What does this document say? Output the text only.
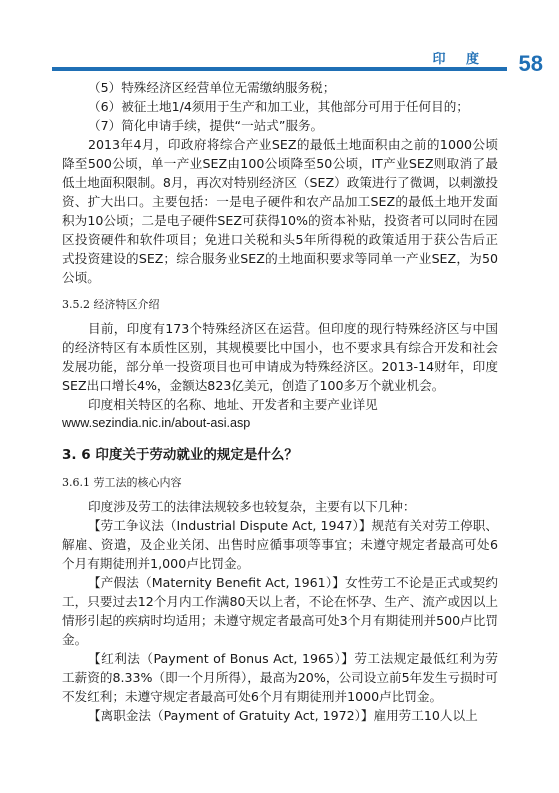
印 度 58

（5）特殊经济区经营单位无需缴纳服务税；

（6）被征土地1/4须用于生产和加工业，其他部分可用于任何目的；

（7）简化申请手续，提供“一站式”服务。

2013年4月，印政府将综合产业SEZ的最低土地面积由之前的1000公顷降至500公顷，单一产业SEZ由100公顷降至50公顷，IT产业SEZ则取消了最低土地面积限制。8月，再次对特别经济区（SEZ）政策进行了微调，以刺激投资、扩大出口。主要包括：一是电子硬件和农产品加工SEZ的最低土地开发面积为10公顷；二是电子硬件SEZ可获得10%的资本补贴，投资者可以同时在园区投资硬件和软件项目；免进口关税和头5年所得税的政策适用于获公告后正式投资建设的SEZ；综合服务业SEZ的土地面积要求等同单一产业SEZ，为50公顷。

3.5.2 经济特区介绍

目前，印度有173个特殊经济区在运营。但印度的现行特殊经济区与中国的经济特区有本质性区别，其规模要比中国小，也不要求具有综合开发和社会发展功能，部分单一投资项目也可申请成为特殊经济区。2013-14财年，印度SEZ出口增长4%，金额达823亿美元，创造了100多万个就业机会。

印度相关特区的名称、地址、开发者和主要产业详见

www.sezindia.nic.in/about-asi.asp

3. 6 印度关于劳动就业的规定是什么？
3.6.1 劳工法的核心内容

印度涉及劳工的法律法规较多也较复杂，主要有以下几种：

【劳工争议法（Industrial Dispute Act, 1947）】规范有关对劳工停职、解雇、资遣，及企业关闭、出售时应循事项等事宜；未遵守规定者最高可处6个月有期徒刑并1,000卢比罚金。

【产假法（Maternity Benefit Act, 1961）】女性劳工不论是正式或契约工，只要过去12个月内工作满80天以上者，不论在怀孕、生产、流产或因以上情形引起的疾病时均适用；未遵守规定者最高可处3个月有期徒刑并500卢比罚金。

【红利法（Payment of Bonus Act, 1965）】劳工法规定最低红利为劳工薪资的8.33%（即一个月所得），最高为20%，公司设立前5年发生亏损时可不发红利；未遵守规定者最高可处6个月有期徒刑并1000卢比罚金。

【离职金法（Payment of Gratuity Act, 1972）】雇用劳工10人以上
